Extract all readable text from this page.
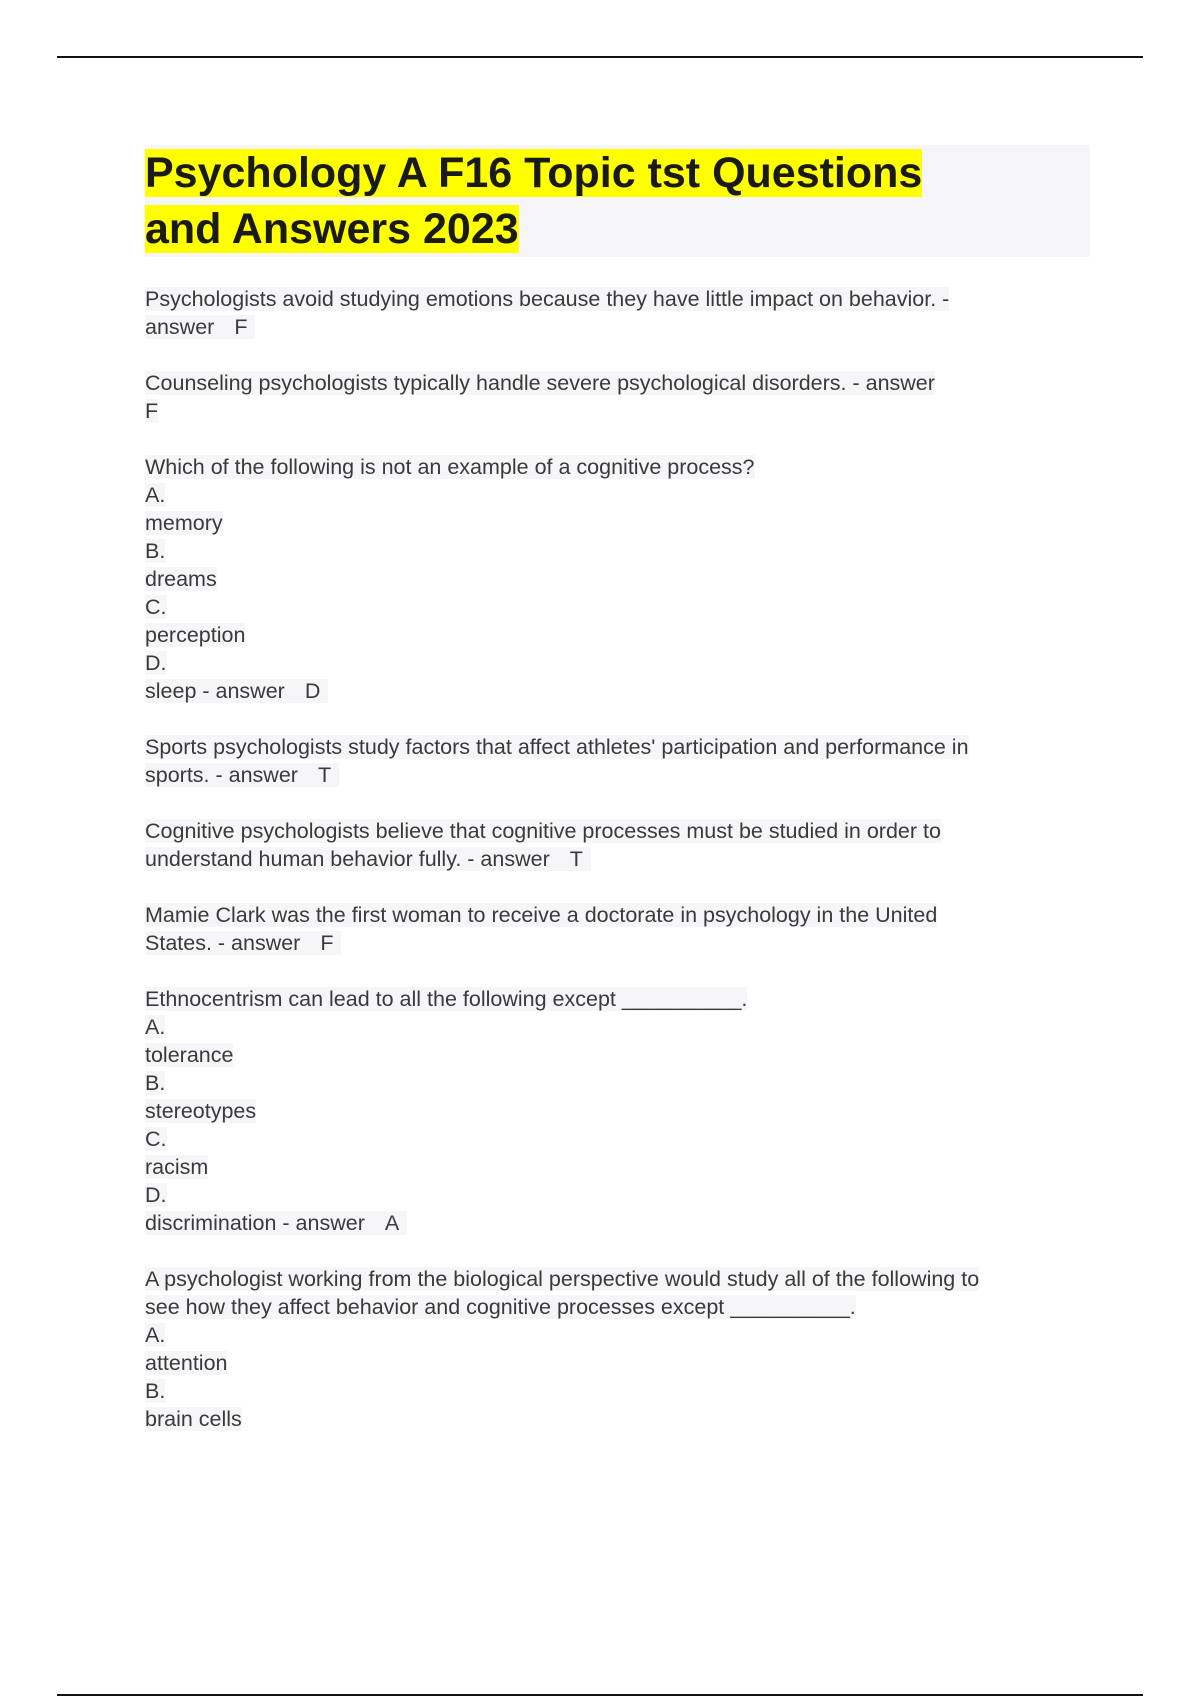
Psychology A F16 Topic tst Questions
and Answers 2023
Psychologists avoid studying emotions because they have little impact on behavior. -
answer F
Counseling psychologists typically handle severe psychological disorders. - answer
F
Which of the following is not an example of a cognitive process?
A.
memory
B.
dreams
C.
perception
D.
sleep - answer D
Sports psychologists study factors that affect athletes' participation and performance in
sports. - answer T
Cognitive psychologists believe that cognitive processes must be studied in order to
understand human behavior fully. - answer T
Mamie Clark was the first woman to receive a doctorate in psychology in the United
States. - answer F
Ethnocentrism can lead to all the following except __________.
A.
tolerance
B.
stereotypes
C.
racism
D.
discrimination - answer A
A psychologist working from the biological perspective would study all of the following to
see how they affect behavior and cognitive processes except __________.
A.
attention
B.
brain cells
